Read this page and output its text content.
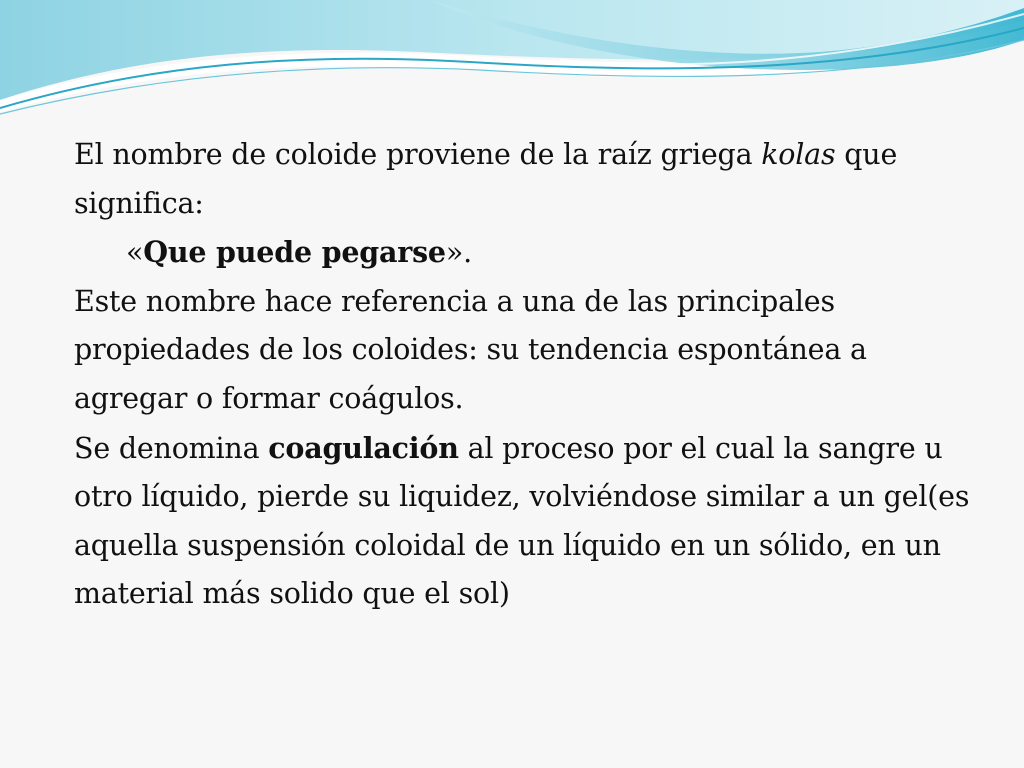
El nombre de coloide proviene de la raíz griega kolas que significa:

«Que puede pegarse».

Este nombre hace referencia a una de las principales propiedades de los coloides: su tendencia espontánea a agregar o formar coágulos.

Se denomina coagulación al proceso por el cual la sangre u otro líquido, pierde su liquidez, volviéndose similar a un gel(es aquella suspensión coloidal de un líquido en un sólido, en un material más solido que el sol)
